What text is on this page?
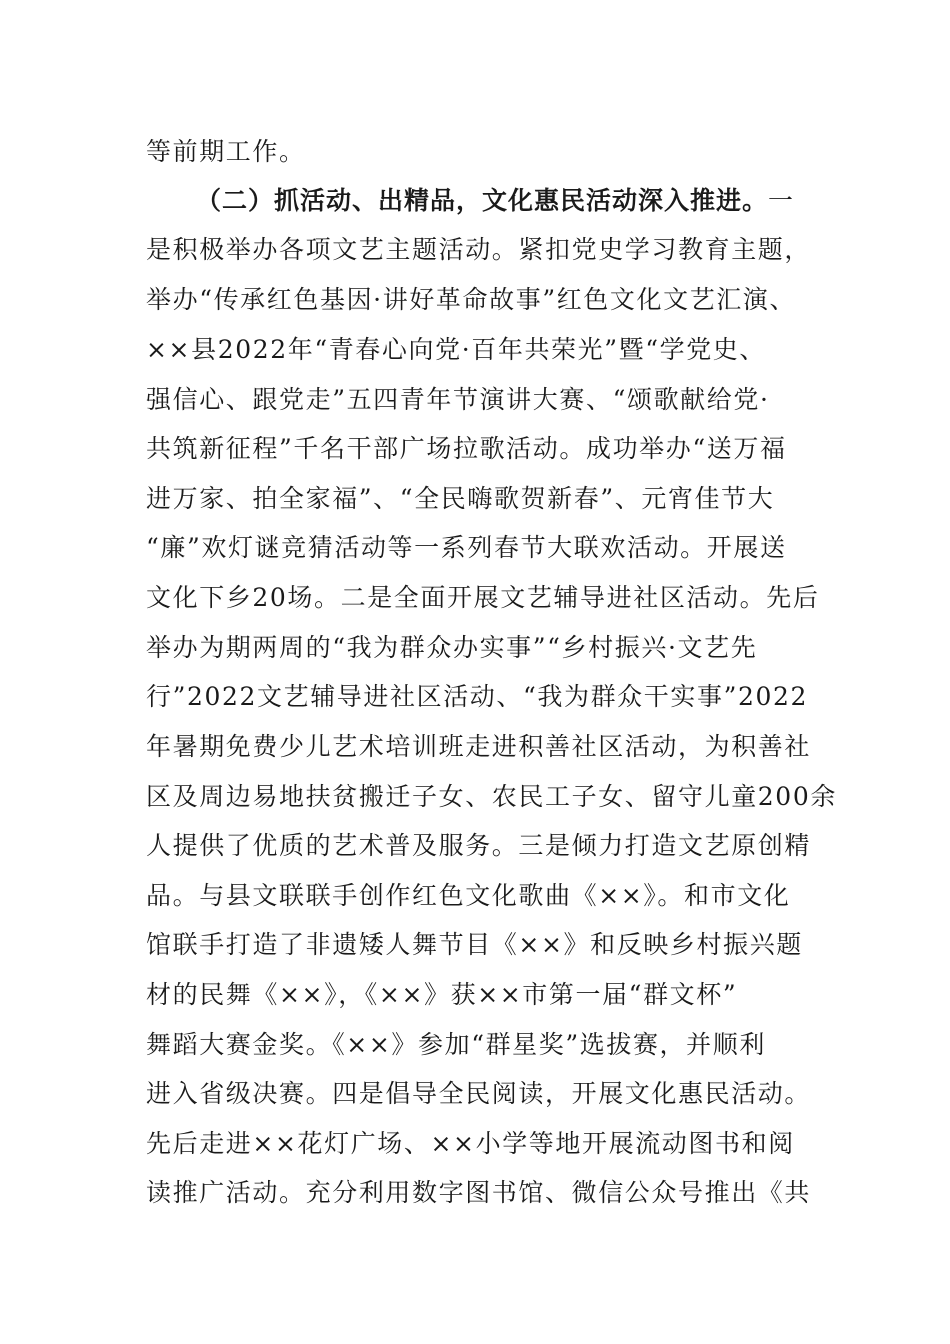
等前期工作。
（二）抓活动、出精品，文化惠民活动深入推进。一
是积极举办各项文艺主题活动。紧扣党史学习教育主题，
举办“传承红色基因·讲好革命故事”红色文化文艺汇演、
××县2022年“青春心向党·百年共荣光”暨“学党史、
强信心、跟党走”五四青年节演讲大赛、“颂歌献给党·
共筑新征程”千名干部广场拉歌活动。成功举办“送万福
进万家、拍全家福”、“全民嗨歌贺新春”、元宵佳节大
“廉”欢灯谜竞猜活动等一系列春节大联欢活动。开展送
文化下乡20场。二是全面开展文艺辅导进社区活动。先后
举办为期两周的“我为群众办实事”“乡村振兴·文艺先
行”2022文艺辅导进社区活动、“我为群众干实事”2022
年暑期免费少儿艺术培训班走进积善社区活动，为积善社
区及周边易地扶贫搬迁子女、农民工子女、留守儿童200余
人提供了优质的艺术普及服务。三是倾力打造文艺原创精
品。与县文联联手创作红色文化歌曲《××》。和市文化
馆联手打造了非遗矮人舞节目《××》和反映乡村振兴题
材的民舞《××》，《××》获××市第一届“群文杯”
舞蹈大赛金奖。《××》参加“群星奖”选拔赛，并顺利
进入省级决赛。四是倡导全民阅读，开展文化惠民活动。
先后走进××花灯广场、××小学等地开展流动图书和阅
读推广活动。充分利用数字图书馆、微信公众号推出《共
